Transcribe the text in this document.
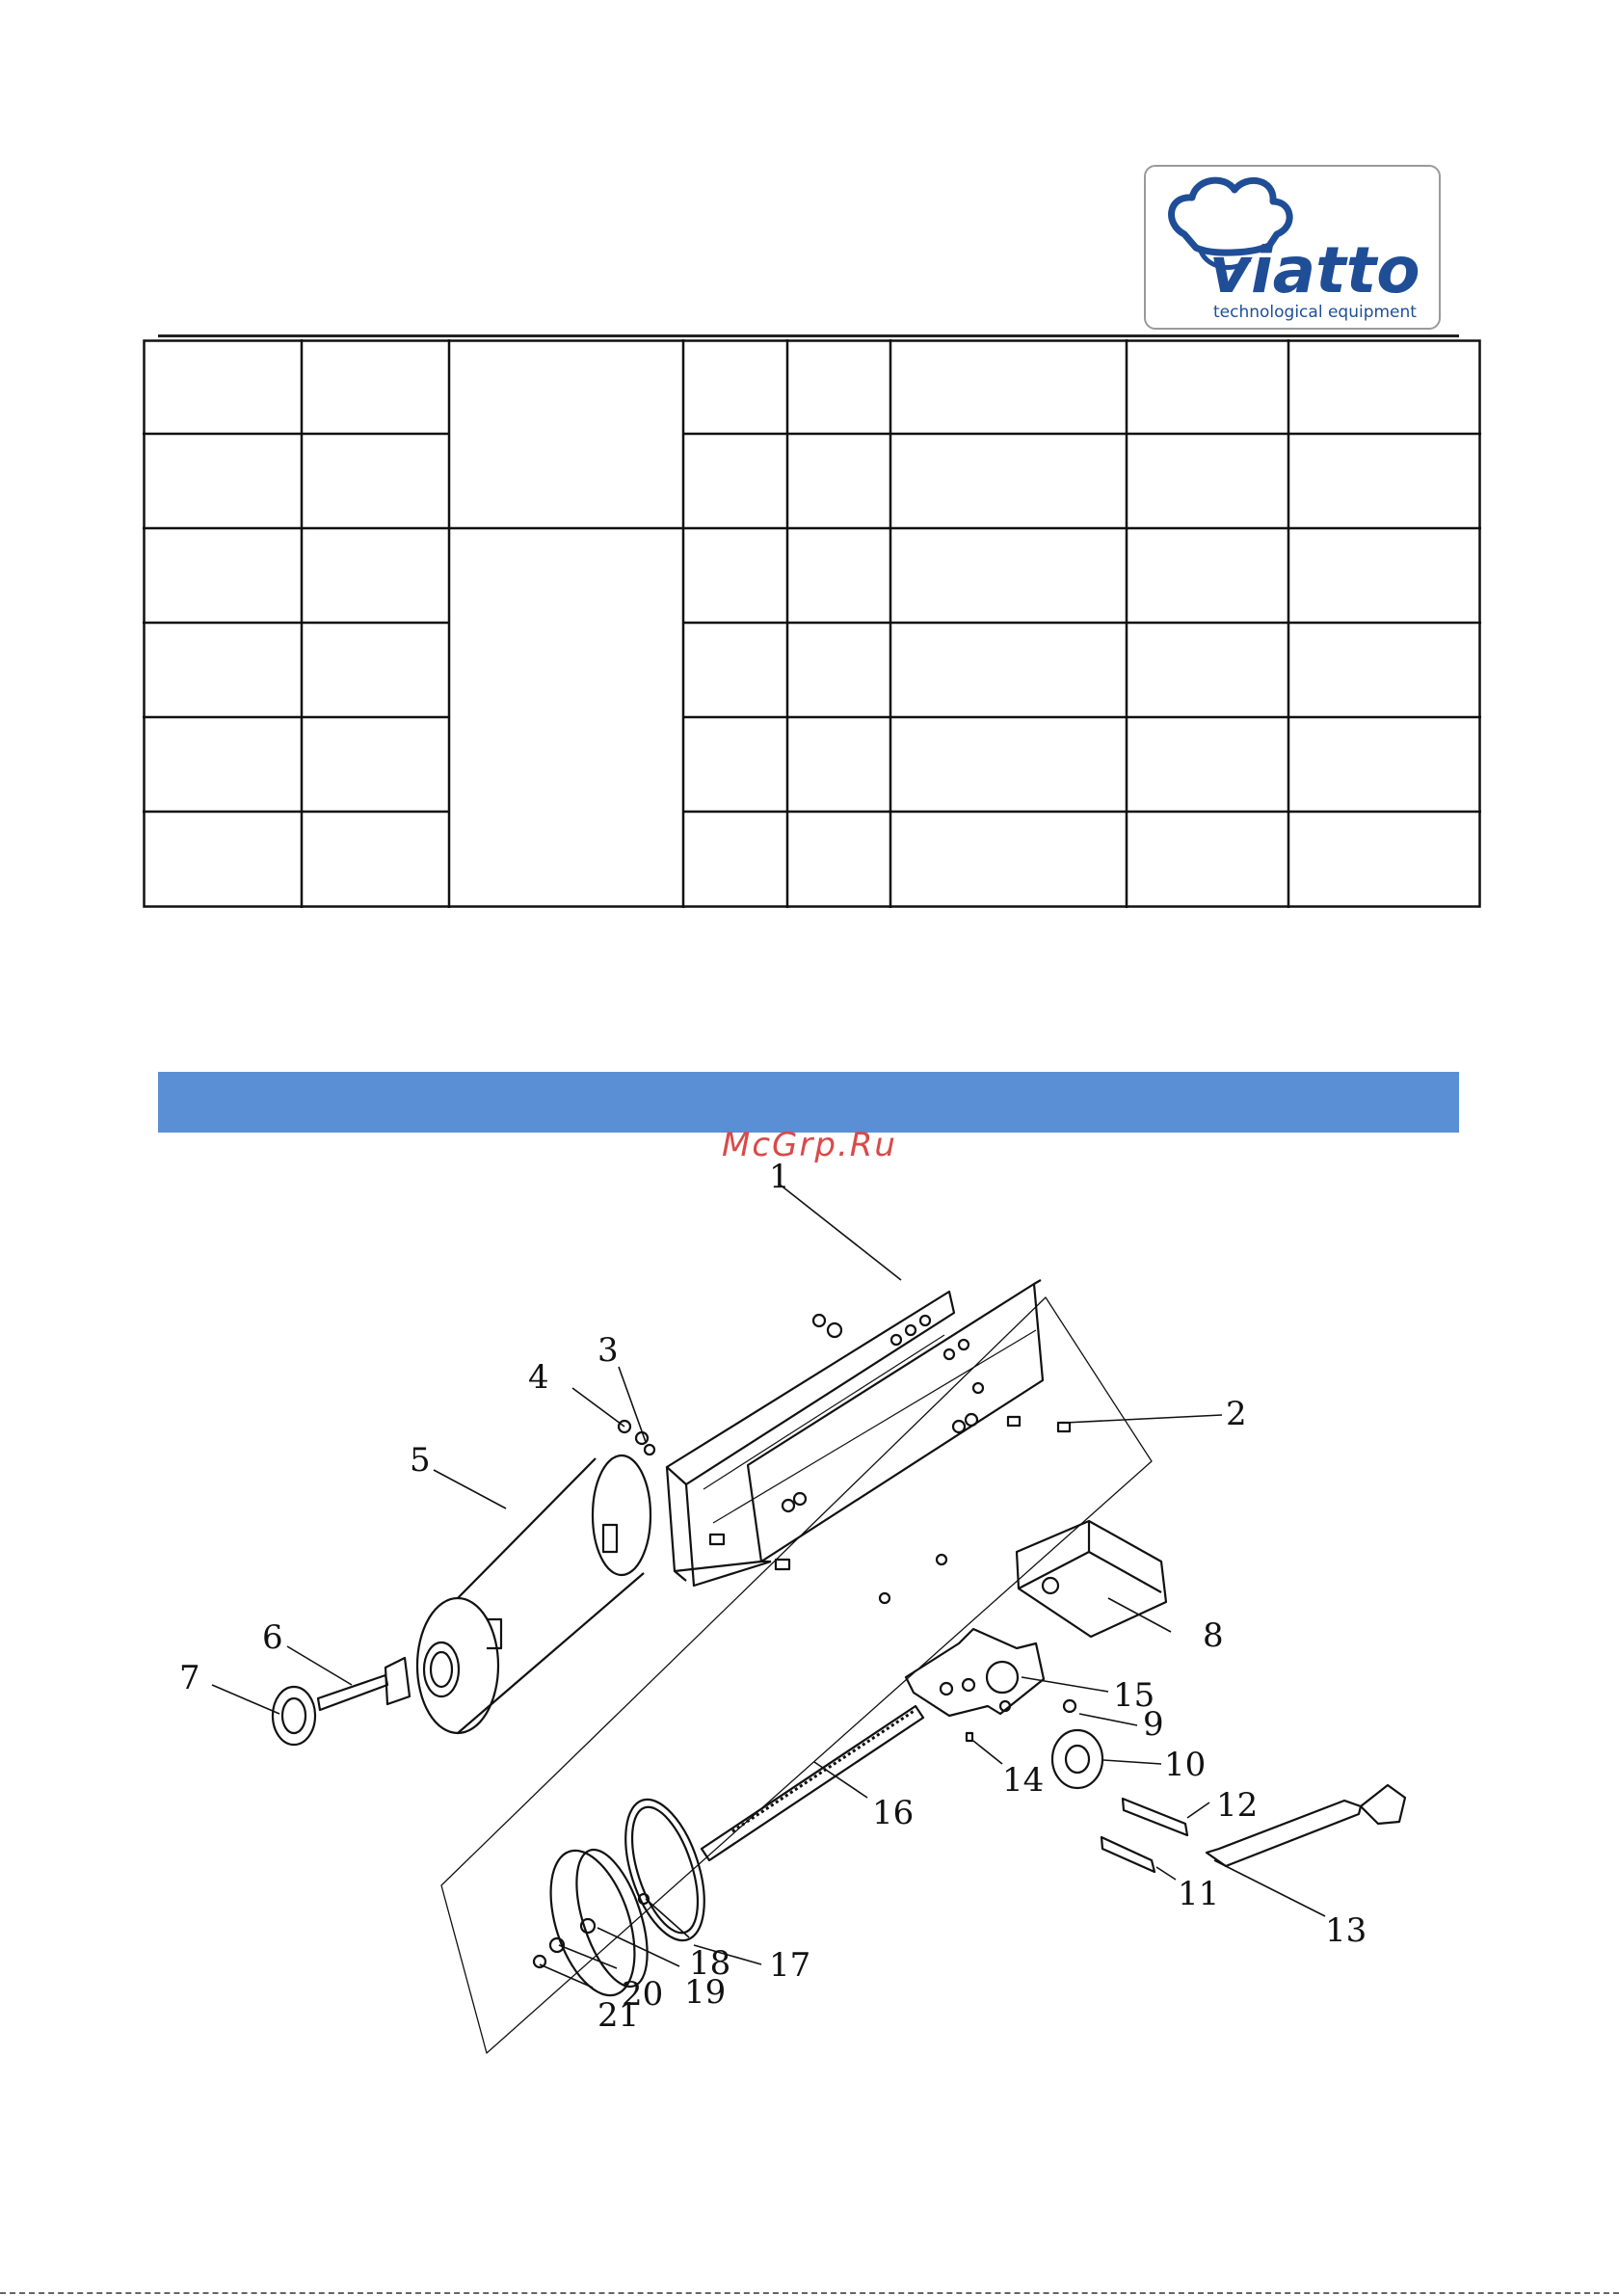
viatto
technological equipment
McGrp.Ru
1
2
3
4
5
6
7
8
9
10
11
12
13
14
15
16
17
18
19
20
21
